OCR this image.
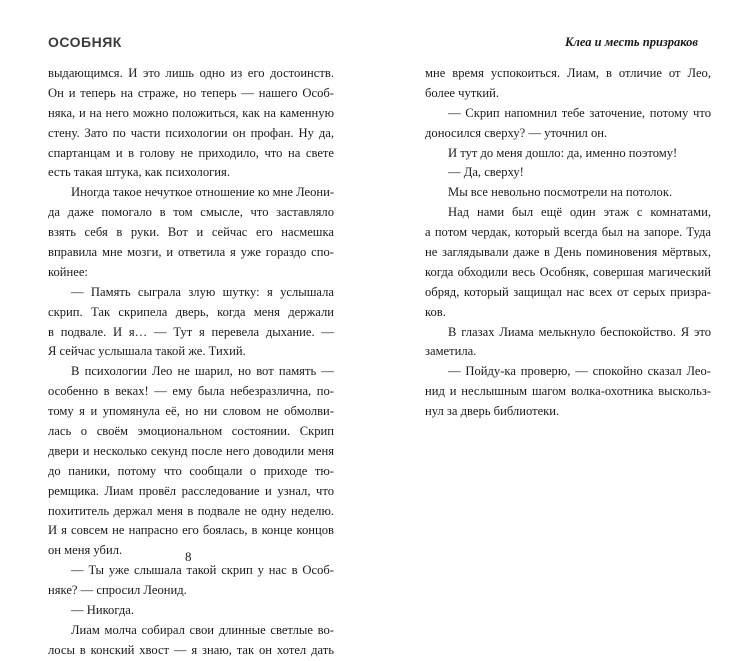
ОСОБНЯК
выдающимся. И это лишь одно из его достоинств.
Он и теперь на страже, но теперь — нашего Особ-
няка, и на него можно положиться, как на каменную
стену. Зато по части психологии он профан. Ну да,
спартанцам и в голову не приходило, что на свете
есть такая штука, как психология.
Иногда такое нечуткое отношение ко мне Леони-
да даже помогало в том смысле, что заставляло
взять себя в руки. Вот и сейчас его насмешка
вправила мне мозги, и ответила я уже гораздо спо-
койнее:
— Память сыграла злую шутку: я услышала
скрип. Так скрипела дверь, когда меня держали
в подвале. И я… — Тут я перевела дыхание. —
Я сейчас услышала такой же. Тихий.
В психологии Лео не шарил, но вот память —
особенно в веках! — ему была небезразлична, по-
тому я и упомянула её, но ни словом не обмолви-
лась о своём эмоциональном состоянии. Скрип
двери и несколько секунд после него доводили меня
до паники, потому что сообщали о приходе тю-
ремщика. Лиам провёл расследование и узнал, что
похититель держал меня в подвале не одну неделю.
И я совсем не напрасно его боялась, в конце концов
он меня убил.
— Ты уже слышала такой скрип у нас в Особ-
няке? — спросил Леонид.
— Никогда.
Лиам молча собирал свои длинные светлые во-
лосы в конский хвост — я знаю, так он хотел дать
8
Клеа и месть призраков
мне время успокоиться. Лиам, в отличие от Лео,
более чуткий.
— Скрип напомнил тебе заточение, потому что
доносился сверху? — уточнил он.
И тут до меня дошло: да, именно поэтому!
— Да, сверху!
Мы все невольно посмотрели на потолок.
Над нами был ещё один этаж с комнатами,
а потом чердак, который всегда был на запоре. Туда
не заглядывали даже в День поминовения мёртвых,
когда обходили весь Особняк, совершая магический
обряд, который защищал нас всех от серых призра-
ков.
В глазах Лиама мелькнуло беспокойство. Я это
заметила.
— Пойду-ка проверю, — спокойно сказал Лео-
нид и неслышным шагом волка-охотника выскольз-
нул за дверь библиотеки.
